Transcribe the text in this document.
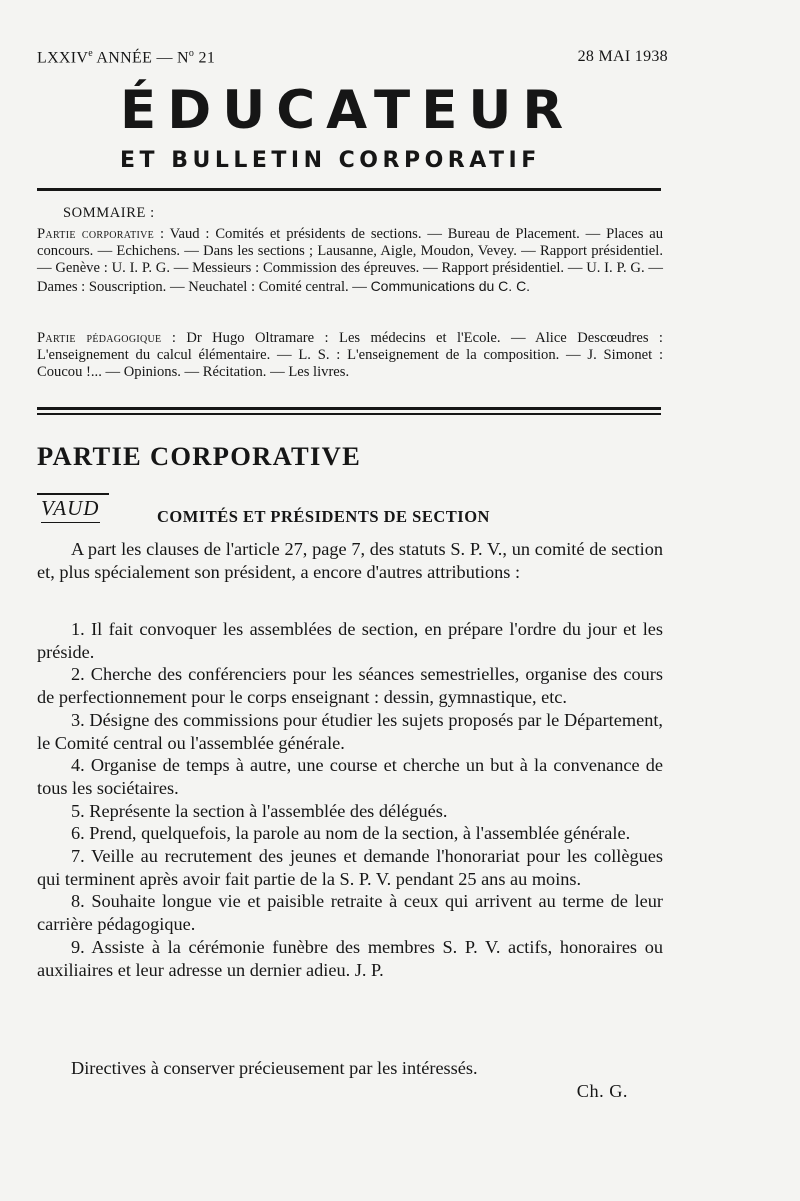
LXXIVe ANNÉE — $N^o$ 21	28 MAI 1938
ÉDUCATEUR
ET BULLETIN CORPORATIF
SOMMAIRE :
Partie corporative : Vaud : Comités et présidents de sections. — Bureau de Placement. — Places au concours. — Echichens. — Dans les sections ; Lausanne, Aigle, Moudon, Vevey. — Rapport présidentiel. — Genève : U. I. P. G. — Messieurs : Commission des épreuves. — Rapport présidentiel. — U. I. P. G. — Dames : Souscription. — Neuchatel : Comité central. — Communications du C. C.
Partie pédagogique : Dr Hugo Oltramare : Les médecins et l'Ecole. — Alice Descœudres : L'enseignement du calcul élémentaire. — L. S. : L'enseignement de la composition. — J. Simonet : Coucou !... — Opinions. — Récitation. — Les livres.
PARTIE CORPORATIVE
VAUD	COMITÉS ET PRÉSIDENTS DE SECTION
A part les clauses de l'article 27, page 7, des statuts S. P. V., un comité de section et, plus spécialement son président, a encore d'autres attributions :

1. Il fait convoquer les assemblées de section, en prépare l'ordre du jour et les préside.

2. Cherche des conférenciers pour les séances semestrielles, organise des cours de perfectionnement pour le corps enseignant : dessin, gymnastique, etc.

3. Désigne des commissions pour étudier les sujets proposés par le Département, le Comité central ou l'assemblée générale.

4. Organise de temps à autre, une course et cherche un but à la convenance de tous les sociétaires.

5. Représente la section à l'assemblée des délégués.

6. Prend, quelquefois, la parole au nom de la section, à l'assemblée générale.

7. Veille au recrutement des jeunes et demande l'honorariat pour les collègues qui terminent après avoir fait partie de la S. P. V. pendant 25 ans au moins.

8. Souhaite longue vie et paisible retraite à ceux qui arrivent au terme de leur carrière pédagogique.

9. Assiste à la cérémonie funèbre des membres S. P. V. actifs, honoraires ou auxiliaires et leur adresse un dernier adieu. J. P.

Directives à conserver précieusement par les intéressés.
Ch. G.
